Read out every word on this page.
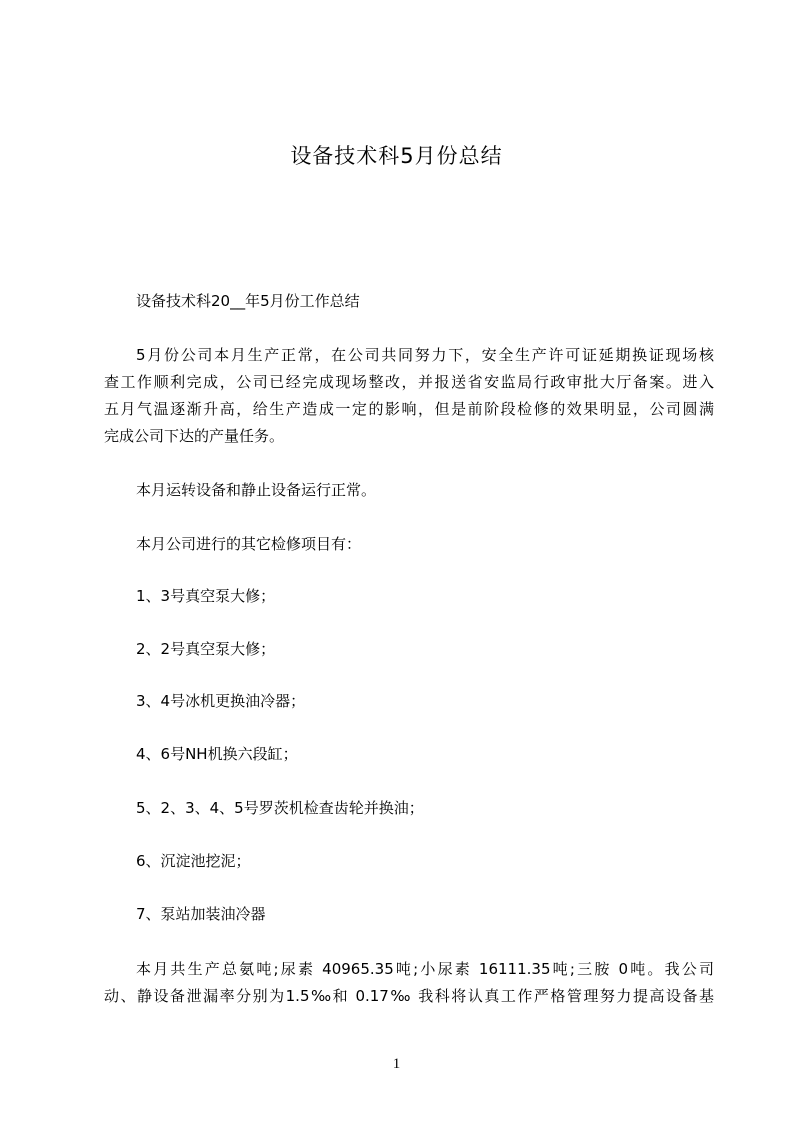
设备技术科5月份总结
设备技术科20__年5月份工作总结
5月份公司本月生产正常，在公司共同努力下，安全生产许可证延期换证现场核
查工作顺利完成，公司已经完成现场整改，并报送省安监局行政审批大厅备案。进入
五月气温逐渐升高，给生产造成一定的影响，但是前阶段检修的效果明显，公司圆满
完成公司下达的产量任务。
本月运转设备和静止设备运行正常。
本月公司进行的其它检修项目有：
1、3号真空泵大修；
2、2号真空泵大修；
3、4号冰机更换油冷器；
4、6号NH机换六段缸；
5、2、3、4、5号罗茨机检查齿轮并换油；
6、沉淀池挖泥；
7、泵站加装油冷器
本月共生产总氨吨;尿素 40965.35吨;小尿素 16111.35吨;三胺 0吨。我公司
动、静设备泄漏率分别为1.5‰和 0.17‰ 我科将认真工作严格管理努力提高设备基
1
